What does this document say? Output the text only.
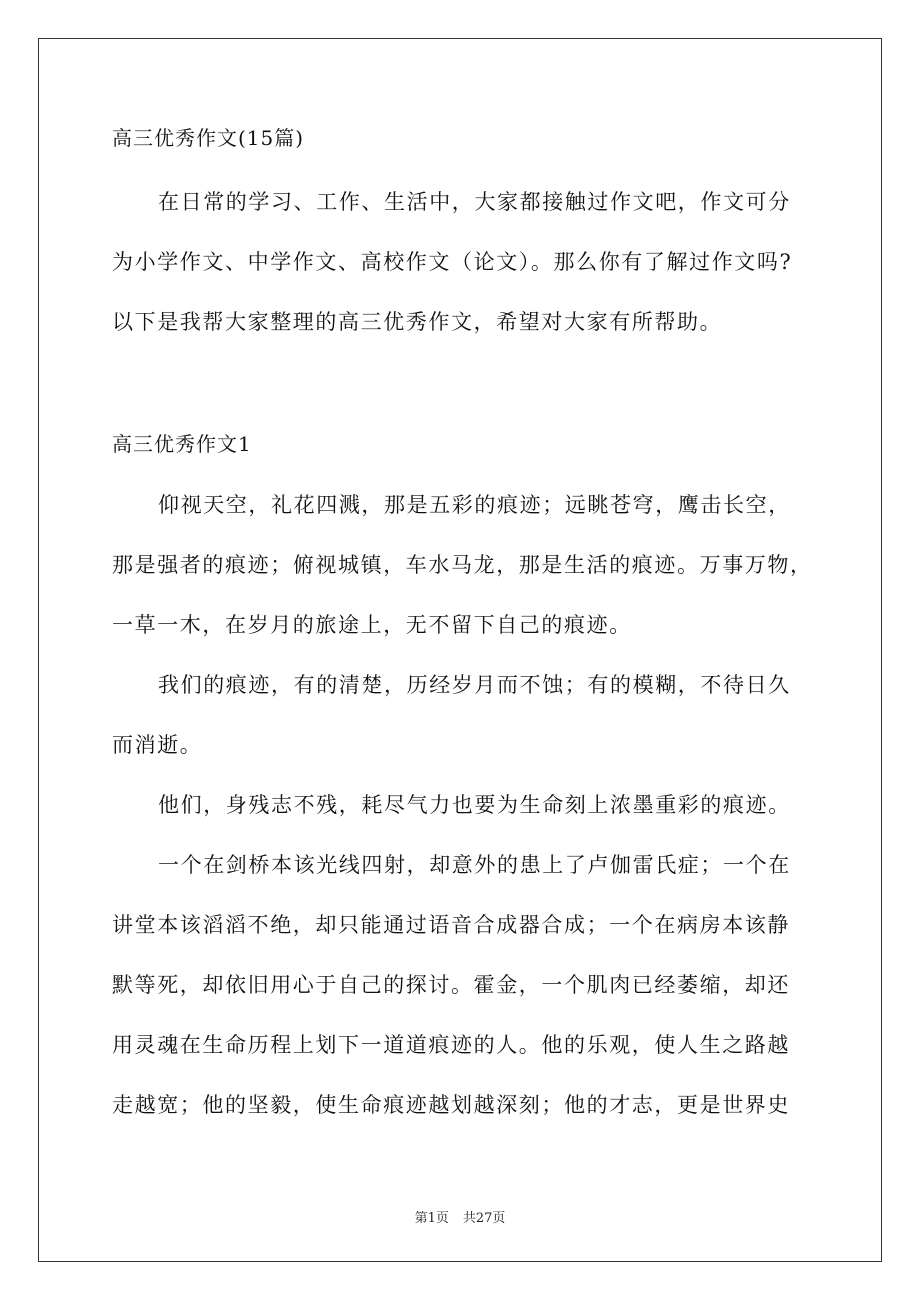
高三优秀作文(15篇)
在日常的学习、工作、生活中，大家都接触过作文吧，作文可分
为小学作文、中学作文、高校作文（论文）。那么你有了解过作文吗?
以下是我帮大家整理的高三优秀作文，希望对大家有所帮助。
高三优秀作文1
仰视天空，礼花四溅，那是五彩的痕迹；远眺苍穹，鹰击长空，
那是强者的痕迹；俯视城镇，车水马龙，那是生活的痕迹。万事万物，
一草一木，在岁月的旅途上，无不留下自己的痕迹。
我们的痕迹，有的清楚，历经岁月而不蚀；有的模糊，不待日久
而消逝。
他们，身残志不残，耗尽气力也要为生命刻上浓墨重彩的痕迹。
一个在剑桥本该光线四射，却意外的患上了卢伽雷氏症；一个在
讲堂本该滔滔不绝，却只能通过语音合成器合成；一个在病房本该静
默等死，却依旧用心于自己的探讨。霍金，一个肌肉已经萎缩，却还
用灵魂在生命历程上划下一道道痕迹的人。他的乐观，使人生之路越
走越宽；他的坚毅，使生命痕迹越划越深刻；他的才志，更是世界史
第1页 共27页
